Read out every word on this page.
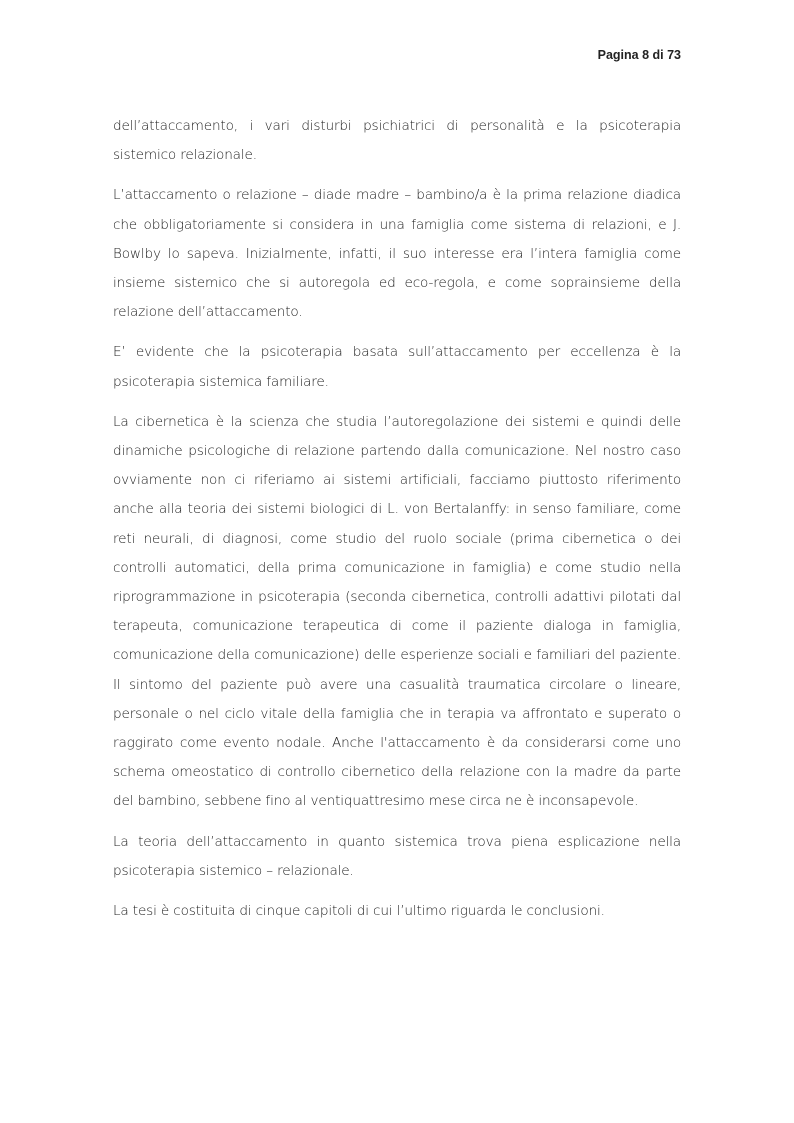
Pagina 8 di 73

dell’attaccamento, i vari disturbi psichiatrici di personalità e la psicoterapia sistemico relazionale.

L’attaccamento o relazione – diade madre – bambino/a è la prima relazione diadica che obbligatoriamente si considera in una famiglia come sistema di relazioni, e J. Bowlby lo sapeva. Inizialmente, infatti, il suo interesse era l’intera famiglia come insieme sistemico che si autoregola ed eco-regola, e come soprainsieme della relazione dell’attaccamento.

E’ evidente che la psicoterapia basata sull’attaccamento per eccellenza è la psicoterapia sistemica familiare.

La cibernetica è la scienza che studia l’autoregolazione dei sistemi e quindi delle dinamiche psicologiche di relazione partendo dalla comunicazione. Nel nostro caso ovviamente non ci riferiamo ai sistemi artificiali, facciamo piuttosto riferimento anche alla teoria dei sistemi biologici di L. von Bertalanffy: in senso familiare, come reti neurali, di diagnosi, come studio del ruolo sociale (prima cibernetica o dei controlli automatici, della prima comunicazione in famiglia) e come studio nella riprogrammazione in psicoterapia (seconda cibernetica, controlli adattivi pilotati dal terapeuta, comunicazione terapeutica di come il paziente dialoga in famiglia, comunicazione della comunicazione) delle esperienze sociali e familiari del paziente. Il sintomo del paziente può avere una casualità traumatica circolare o lineare, personale o nel ciclo vitale della famiglia che in terapia va affrontato e superato o raggirato come evento nodale. Anche l'attaccamento è da considerarsi come uno schema omeostatico di controllo cibernetico della relazione con la madre da parte del bambino, sebbene fino al ventiquattresimo mese circa ne è inconsapevole.

La teoria dell’attaccamento in quanto sistemica trova piena esplicazione nella psicoterapia sistemico – relazionale.

La tesi è costituita di cinque capitoli di cui l’ultimo riguarda le conclusioni.
